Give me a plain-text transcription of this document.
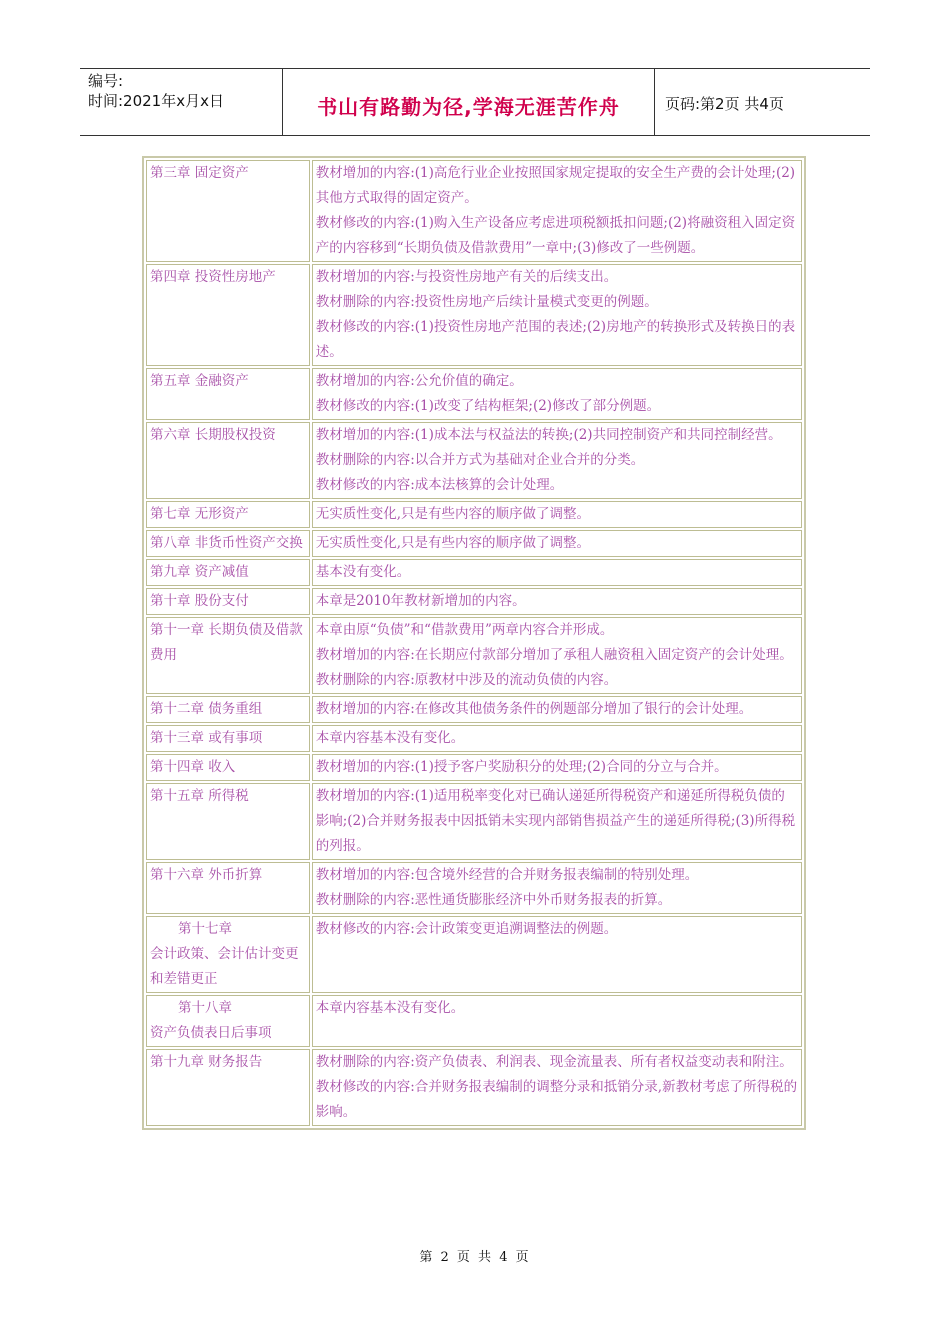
编号:
时间:2021年x月x日	书山有路勤为径,学海无涯苦作舟	页码:第2页 共4页
第三章 固定资产	教材增加的内容:(1)高危行业企业按照国家规定提取的安全生产费的会计处理;(2)其他方式取得的固定资产。
教材修改的内容:(1)购入生产设备应考虑进项税额抵扣问题;(2)将融资租入固定资产的内容移到“长期负债及借款费用”一章中;(3)修改了一些例题。

第四章 投资性房地产	教材增加的内容:与投资性房地产有关的后续支出。
教材删除的内容:投资性房地产后续计量模式变更的例题。
教材修改的内容:(1)投资性房地产范围的表述;(2)房地产的转换形式及转换日的表述。

第五章 金融资产	教材增加的内容:公允价值的确定。
教材修改的内容:(1)改变了结构框架;(2)修改了部分例题。

第六章 长期股权投资	教材增加的内容:(1)成本法与权益法的转换;(2)共同控制资产和共同控制经营。
教材删除的内容:以合并方式为基础对企业合并的分类。
教材修改的内容:成本法核算的会计处理。

第七章 无形资产	无实质性变化,只是有些内容的顺序做了调整。

第八章 非货币性资产交换	无实质性变化,只是有些内容的顺序做了调整。

第九章 资产减值	基本没有变化。

第十章 股份支付	本章是2010年教材新增加的内容。

第十一章 长期负债及借款费用	本章由原“负债”和“借款费用”两章内容合并形成。
教材增加的内容:在长期应付款部分增加了承租人融资租入固定资产的会计处理。
教材删除的内容:原教材中涉及的流动负债的内容。

第十二章 债务重组	教材增加的内容:在修改其他债务条件的例题部分增加了银行的会计处理。

第十三章 或有事项	本章内容基本没有变化。

第十四章 收入	教材增加的内容:(1)授予客户奖励积分的处理;(2)合同的分立与合并。

第十五章 所得税	教材增加的内容:(1)适用税率变化对已确认递延所得税资产和递延所得税负债的影响;(2)合并财务报表中因抵销未实现内部销售损益产生的递延所得税;(3)所得税的列报。

第十六章 外币折算	教材增加的内容:包含境外经营的合并财务报表编制的特别处理。
教材删除的内容:恶性通货膨胀经济中外币财务报表的折算。

第十七章
会计政策、会计估计变更和差错更正	教材修改的内容:会计政策变更追溯调整法的例题。

第十八章
资产负债表日后事项	本章内容基本没有变化。

第十九章 财务报告	教材删除的内容:资产负债表、利润表、现金流量表、所有者权益变动表和附注。
教材修改的内容:合并财务报表编制的调整分录和抵销分录,新教材考虑了所得税的影响。
第 2 页 共 4 页
